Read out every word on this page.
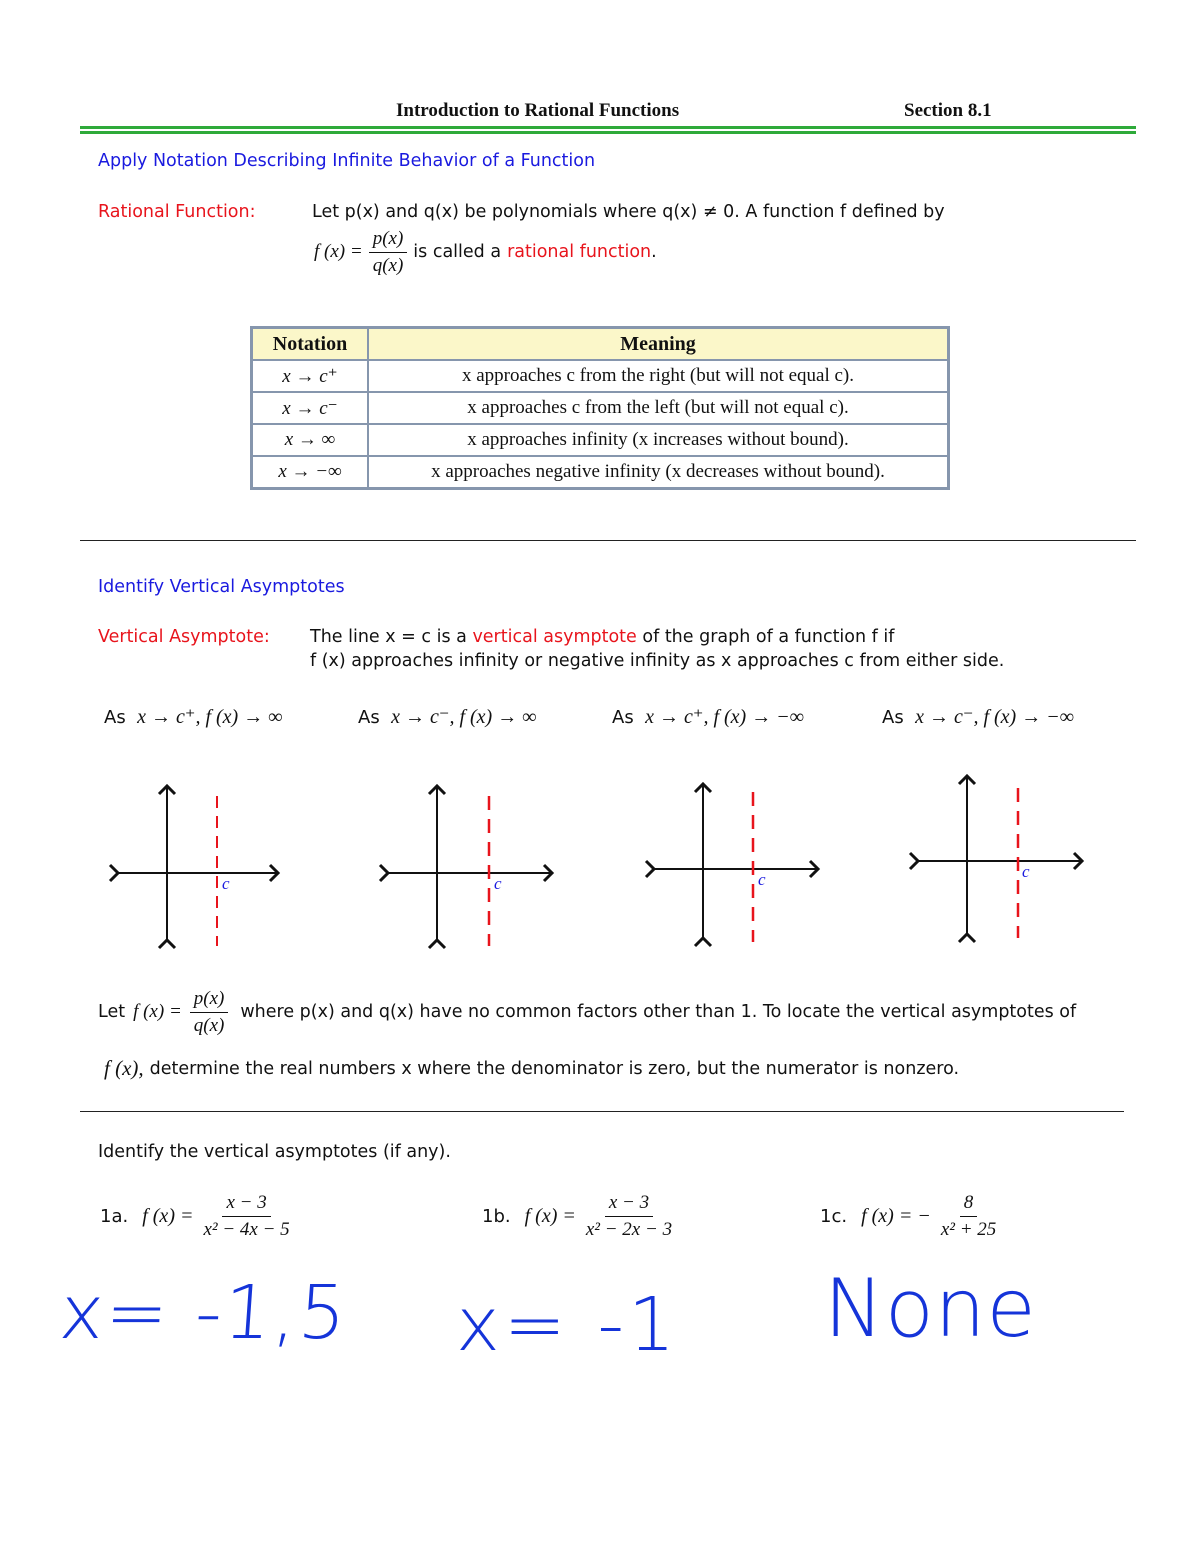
Introduction to Rational Functions	Section 8.1
Apply Notation Describing Infinite Behavior of a Function
Rational Function:	Let p(x) and q(x) be polynomials where q(x) ≠ 0. A function f defined by
f $(x) = \frac{p(x)}{q(x)}$ is called a rational function .
Notation	Meaning
x → c⁺	x approaches c from the right (but will not equal c).
x → c⁻	x approaches c from the left (but will not equal c).
x → ∞	x approaches infinity (x increases without bound).
x → −∞	x approaches negative infinity (x decreases without bound).
Identify Vertical Asymptotes
Vertical Asymptote: The line x = c is a vertical asymptote of the graph of a function f if
f (x) approaches infinity or negative infinity as x approaches c from either side.
As x → c⁺, f (x) → ∞	As x → c⁻, f (x) → ∞	As x → c⁺, f (x) → −∞	As x → c⁻, f (x) → −∞
c	c	c	c
Let f $(x) = \frac{p(x)}{q(x)}$ where p(x) and q(x) have no common factors other than 1. To locate the vertical asymptotes of
f (x), determine the real numbers x where the denominator is zero, but the numerator is nonzero.
Identify the vertical asymptotes (if any).
1a. f $(x) = \frac{x - 3}{\text{x² − 4x − 5}}$	1b. f $(x) = \frac{x - 3}{\text{x² − 2x − 3}}$	1c. f (x) = − $\frac{8}{\text{x² + 25}}$
x= -1,5 x= -1 None
